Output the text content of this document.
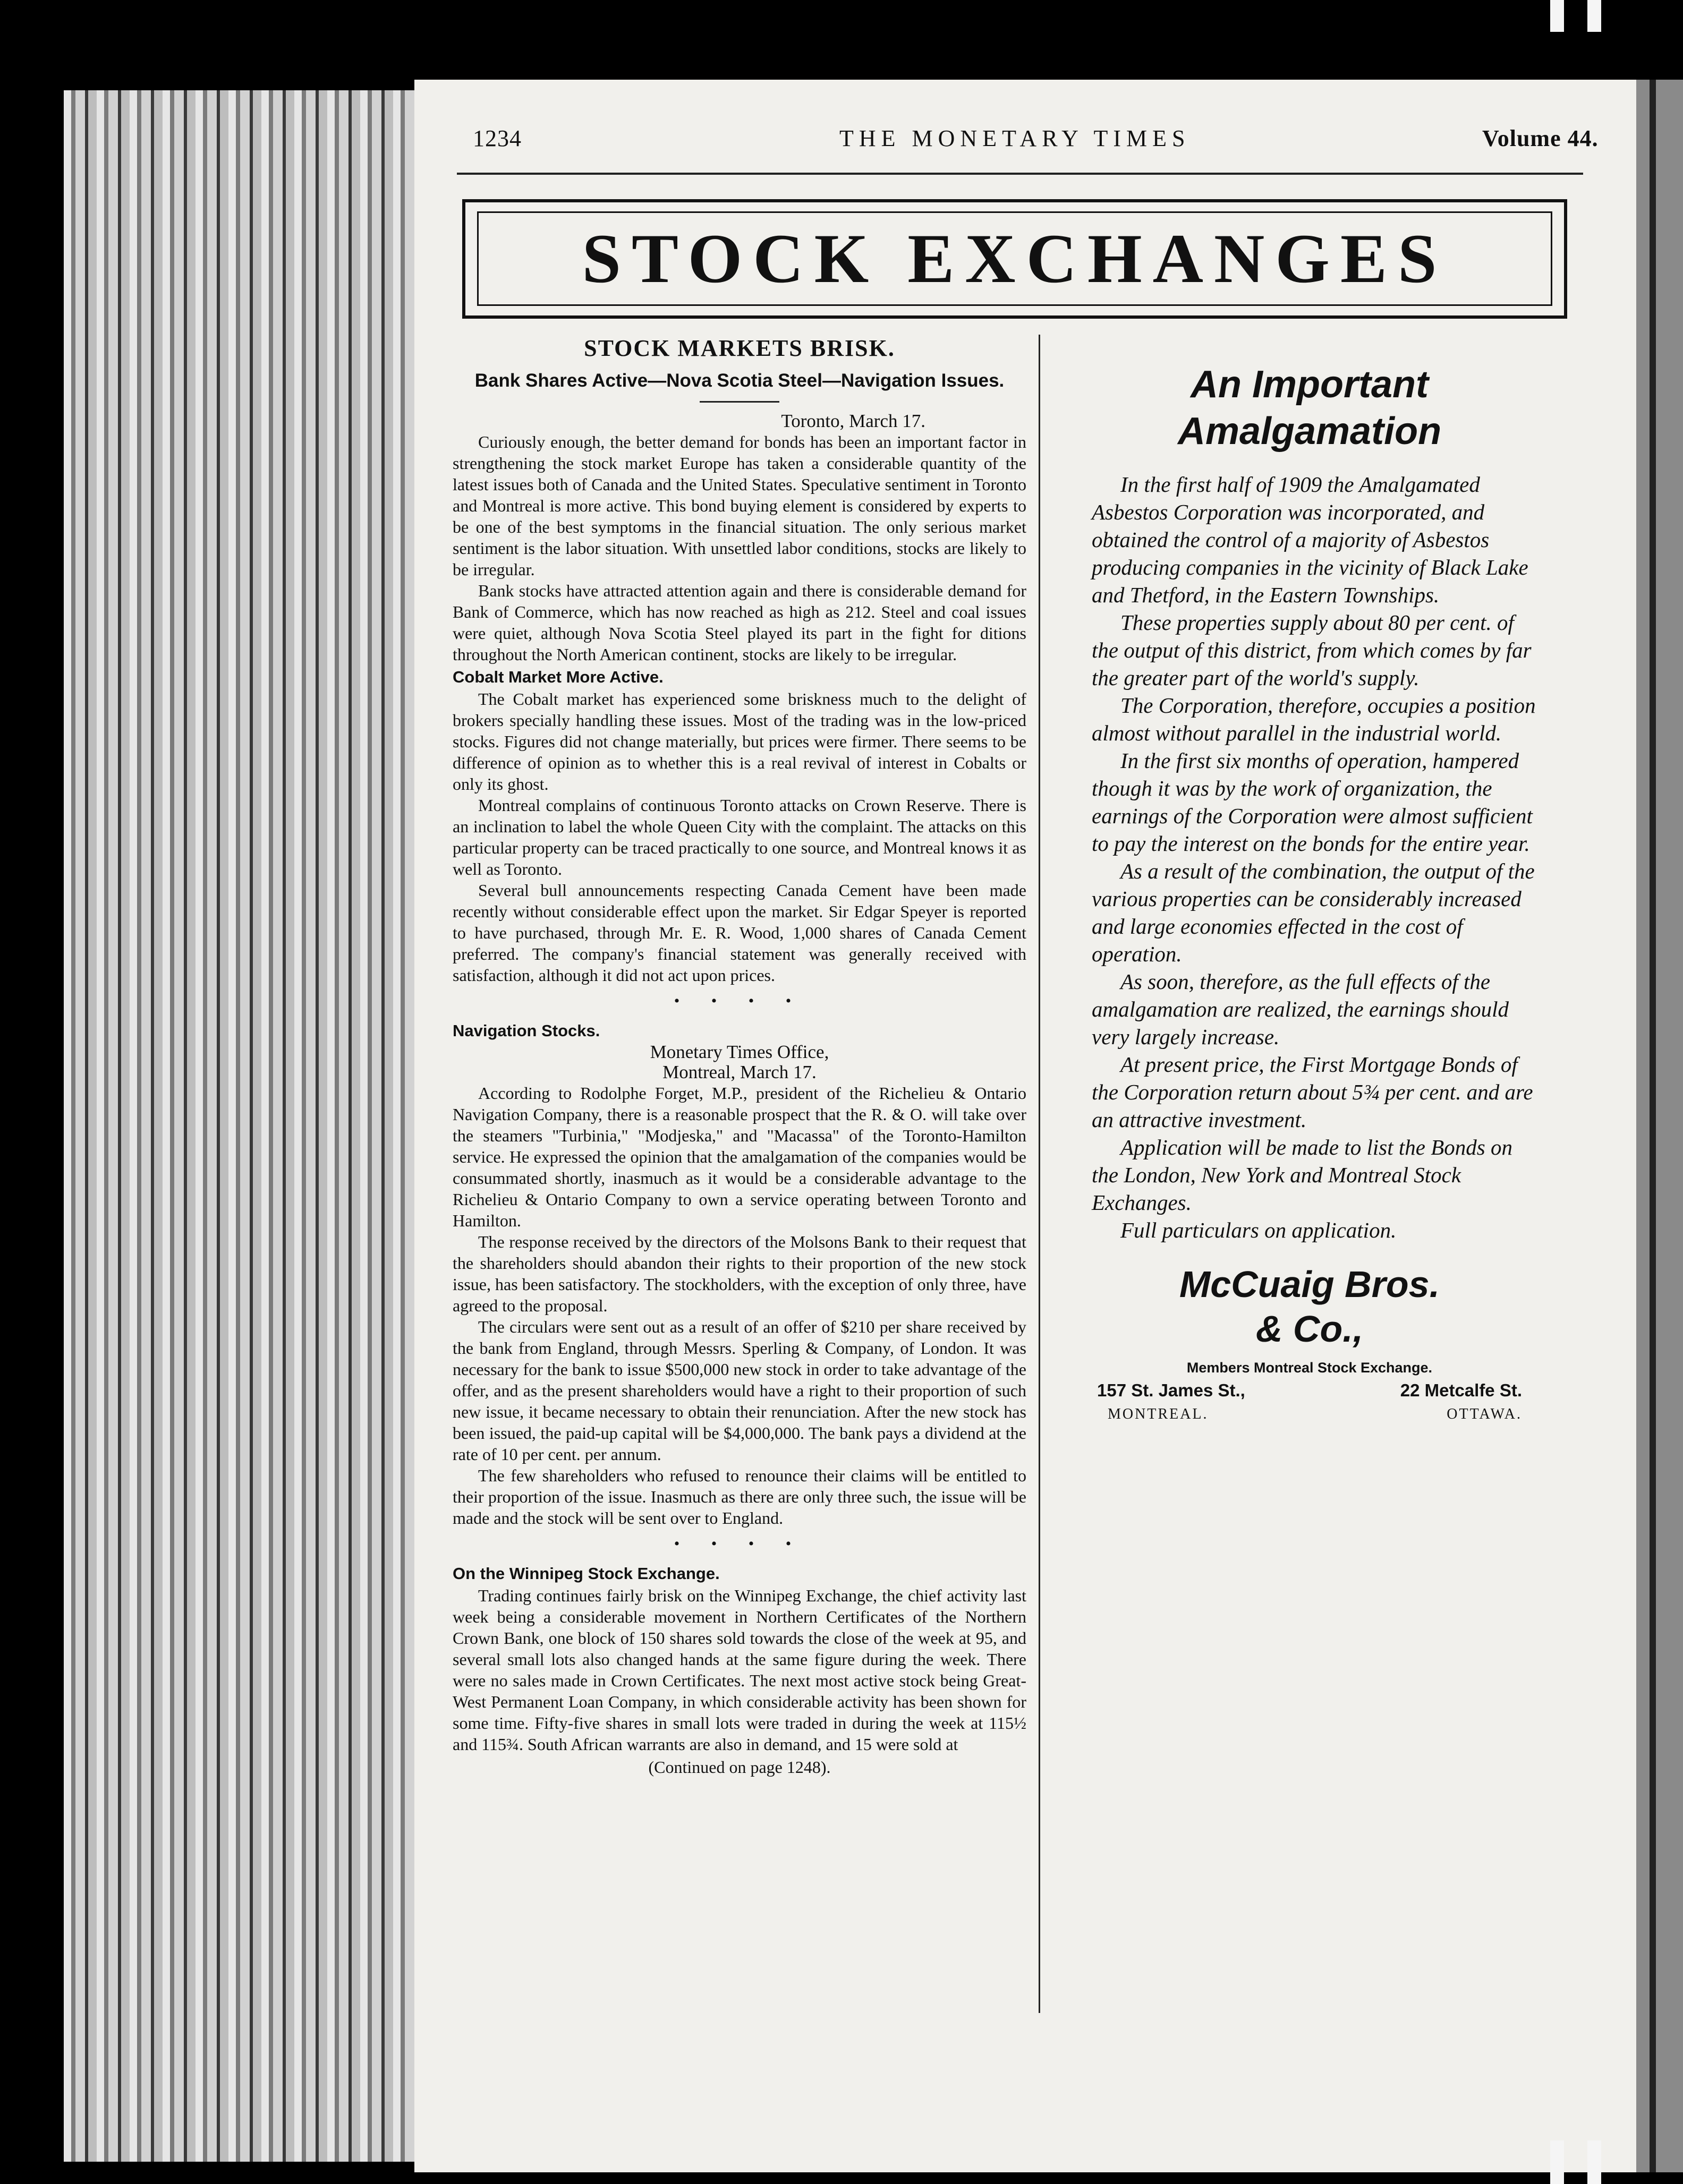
1234	THE MONETARY TIMES	Volume 44.
STOCK EXCHANGES
STOCK MARKETS BRISK.
Bank Shares Active—Nova Scotia Steel—Navigation Issues.
Toronto, March 17.

Curiously enough, the better demand for bonds has been an important factor in strengthening the stock market Europe has taken a considerable quantity of the latest issues both of Canada and the United States. Speculative sentiment in Toronto and Montreal is more active. This bond buying element is considered by experts to be one of the best symptoms in the financial situation. The only serious market sentiment is the labor situation. With unsettled labor conditions, stocks are likely to be irregular.

Bank stocks have attracted attention again and there is considerable demand for Bank of Commerce, which has now reached as high as 212. Steel and coal issues were quiet, although Nova Scotia Steel played its part in the fight for ditions throughout the North American continent, stocks are likely to be irregular.

Cobalt Market More Active.

The Cobalt market has experienced some briskness much to the delight of brokers specially handling these issues. Most of the trading was in the low-priced stocks. Figures did not change materially, but prices were firmer. There seems to be difference of opinion as to whether this is a real revival of interest in Cobalts or only its ghost.

Montreal complains of continuous Toronto attacks on Crown Reserve. There is an inclination to label the whole Queen City with the complaint. The attacks on this particular property can be traced practically to one source, and Montreal knows it as well as Toronto.

Several bull announcements respecting Canada Cement have been made recently without considerable effect upon the market. Sir Edgar Speyer is reported to have purchased, through Mr. E. R. Wood, 1,000 shares of Canada Cement preferred. The company's financial statement was generally received with satisfaction, although it did not act upon prices.

• • • •
Navigation Stocks.
Monetary Times Office,
Montreal, March 17.

According to Rodolphe Forget, M.P., president of the Richelieu & Ontario Navigation Company, there is a reasonable prospect that the R. & O. will take over the steamers "Turbinia," "Modjeska," and "Macassa" of the Toronto-Hamilton service. He expressed the opinion that the amalgamation of the companies would be consummated shortly, inasmuch as it would be a considerable advantage to the Richelieu & Ontario Company to own a service operating between Toronto and Hamilton.

The response received by the directors of the Molsons Bank to their request that the shareholders should abandon their rights to their proportion of the new stock issue, has been satisfactory. The stockholders, with the exception of only three, have agreed to the proposal.

The circulars were sent out as a result of an offer of $210 per share received by the bank from England, through Messrs. Sperling & Company, of London. It was necessary for the bank to issue $500,000 new stock in order to take advantage of the offer, and as the present shareholders would have a right to their proportion of such new issue, it became necessary to obtain their renunciation. After the new stock has been issued, the paid-up capital will be $4,000,000. The bank pays a dividend at the rate of 10 per cent. per annum.

The few shareholders who refused to renounce their claims will be entitled to their proportion of the issue. Inasmuch as there are only three such, the issue will be made and the stock will be sent over to England.

• • • •
On the Winnipeg Stock Exchange.

Trading continues fairly brisk on the Winnipeg Exchange, the chief activity last week being a considerable movement in Northern Certificates of the Northern Crown Bank, one block of 150 shares sold towards the close of the week at 95, and several small lots also changed hands at the same figure during the week. There were no sales made in Crown Certificates. The next most active stock being Great-West Permanent Loan Company, in which considerable activity has been shown for some time. Fifty-five shares in small lots were traded in during the week at 115½ and 115¾. South African warrants are also in demand, and 15 were sold at

(Continued on page 1248).
An Important
Amalgamation

In the first half of 1909 the Amalgamated Asbestos Corporation was incorporated, and obtained the control of a majority of Asbestos producing companies in the vicinity of Black Lake and Thetford, in the Eastern Townships.

These properties supply about 80 per cent. of the output of this district, from which comes by far the greater part of the world's supply.

The Corporation, therefore, occupies a position almost without parallel in the industrial world.

In the first six months of operation, hampered though it was by the work of organization, the earnings of the Corporation were almost sufficient to pay the interest on the bonds for the entire year.

As a result of the combination, the output of the various properties can be considerably increased and large economies effected in the cost of operation.

As soon, therefore, as the full effects of the amalgamation are realized, the earnings should very largely increase.

At present price, the First Mortgage Bonds of the Corporation return about 5¾ per cent. and are an attractive investment.

Application will be made to list the Bonds on the London, New York and Montreal Stock Exchanges.

Full particulars on application.

McCuaig Bros.
& Co.,
Members Montreal Stock Exchange.
157 St. James St.,	22 Metcalfe St.
MONTREAL.	OTTAWA.
